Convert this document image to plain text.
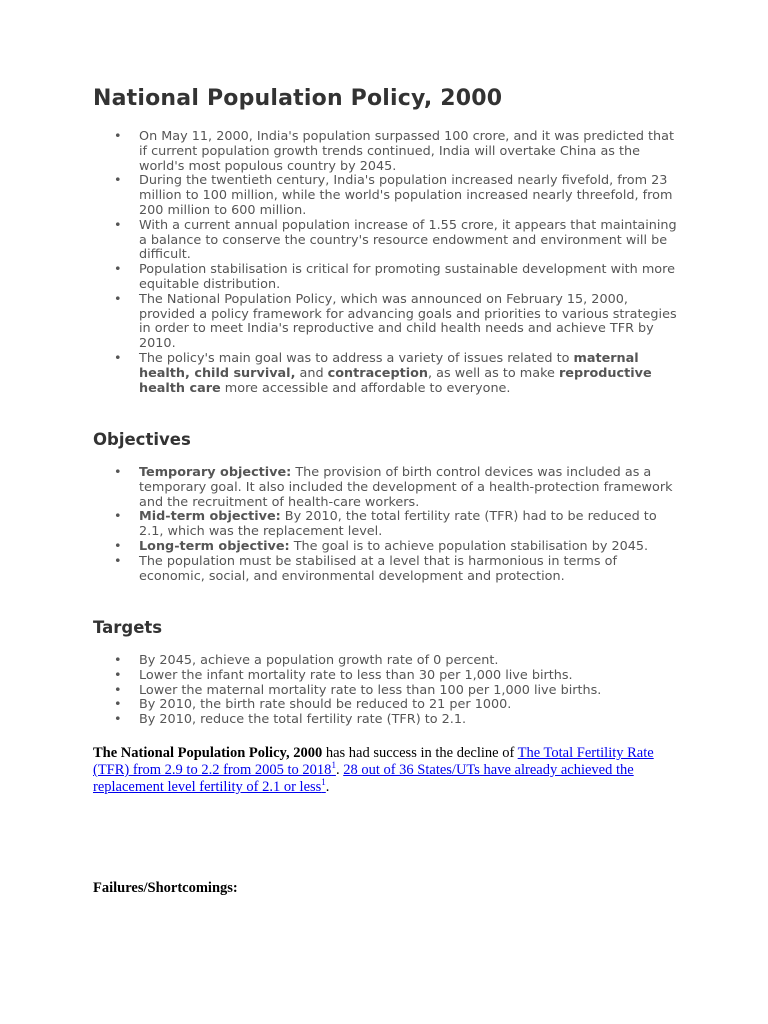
National Population Policy, 2000
• On May 11, 2000, India's population surpassed 100 crore, and it was predicted that if current population growth trends continued, India will overtake China as the world's most populous country by 2045.
• During the twentieth century, India's population increased nearly fivefold, from 23 million to 100 million, while the world's population increased nearly threefold, from 200 million to 600 million.
• With a current annual population increase of 1.55 crore, it appears that maintaining a balance to conserve the country's resource endowment and environment will be difficult.
• Population stabilisation is critical for promoting sustainable development with more equitable distribution.
• The National Population Policy, which was announced on February 15, 2000, provided a policy framework for advancing goals and priorities to various strategies in order to meet India's reproductive and child health needs and achieve TFR by 2010.
• The policy's main goal was to address a variety of issues related to maternal health, child survival, and contraception, as well as to make reproductive health care more accessible and affordable to everyone.
Objectives
• Temporary objective: The provision of birth control devices was included as a temporary goal. It also included the development of a health-protection framework and the recruitment of health-care workers.
• Mid-term objective: By 2010, the total fertility rate (TFR) had to be reduced to 2.1, which was the replacement level.
• Long-term objective: The goal is to achieve population stabilisation by 2045.
• The population must be stabilised at a level that is harmonious in terms of economic, social, and environmental development and protection.
Targets
• By 2045, achieve a population growth rate of 0 percent.
• Lower the infant mortality rate to less than 30 per 1,000 live births.
• Lower the maternal mortality rate to less than 100 per 1,000 live births.
• By 2010, the birth rate should be reduced to 21 per 1000.
• By 2010, reduce the total fertility rate (TFR) to 2.1.
The National Population Policy, 2000 has had success in the decline of The Total Fertility Rate (TFR) from 2.9 to 2.2 from 2005 to 2018$^1$. 28 out of 36 States/UTs have already achieved the replacement level fertility of 2.1 or less$^1$.
Failures/Shortcomings:
